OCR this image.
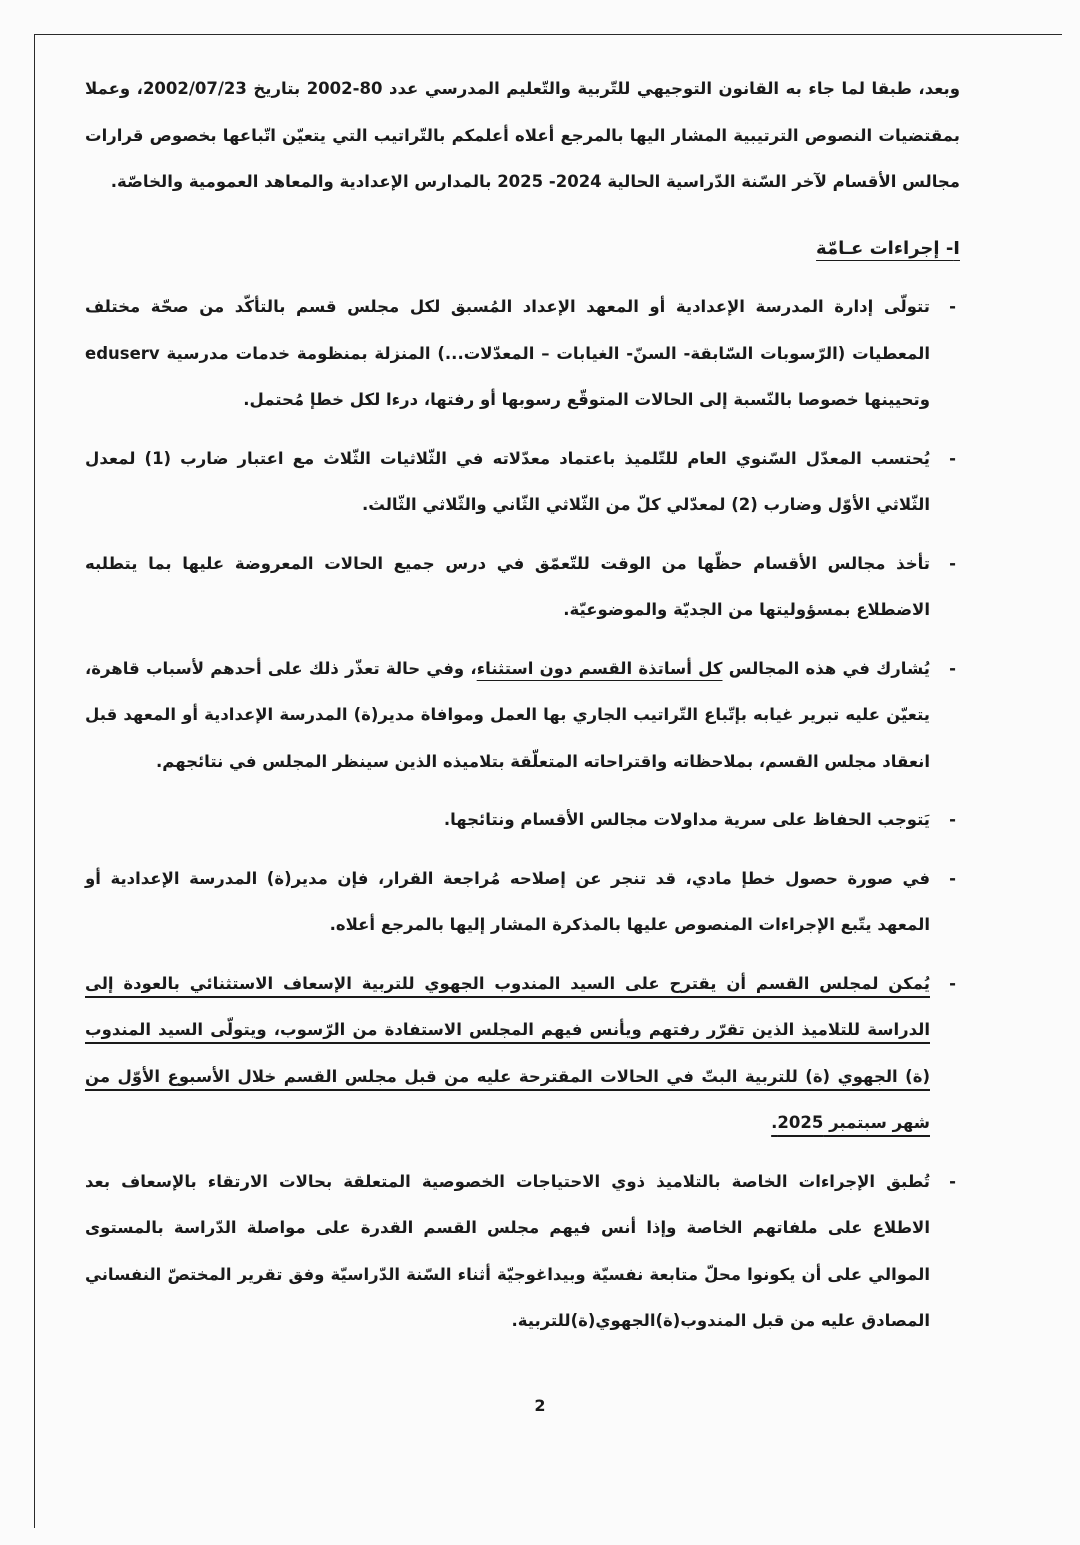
وبعد، طبقا لما جاء به القانون التوجيهي للتّربية والتّعليم المدرسي عدد 80-2002 بتاريخ 2002/07/23، وعملا بمقتضيات النصوص الترتيبية المشار اليها بالمرجع أعلاه أعلمكم بالتّراتيب التي يتعيّن اتّباعها بخصوص قرارات مجالس الأقسام لآخر السّنة الدّراسية الحالية 2024- 2025 بالمدارس الإعدادية والمعاهد العمومية والخاصّة.

I- إجراءات عـامّة

-
تتولّى إدارة المدرسة الإعدادية أو المعهد الإعداد المُسبق لكل مجلس قسم بالتأكّد من صحّة مختلف المعطيات (الرّسوبات السّابقة- السنّ- الغيابات – المعدّلات...) المنزلة بمنظومة خدمات مدرسية eduserv وتحيينها خصوصا بالنّسبة إلى الحالات المتوقّع رسوبها أو رفتها، درءا لكل خطإ مُحتمل.
-
يُحتسب المعدّل السّنوي العام للتّلميذ باعتماد معدّلاته في الثّلاثيات الثّلاث مع اعتبار ضارب (1) لمعدل الثّلاثي الأوّل وضارب (2) لمعدّلي كلّ من الثّلاثي الثّاني والثّلاثي الثّالث.
-
تأخذ مجالس الأقسام حظّها من الوقت للتّعمّق في درس جميع الحالات المعروضة عليها بما يتطلبه الاضطلاع بمسؤوليتها من الجديّة والموضوعيّة.
-
يُشارك في هذه المجالس كل أساتذة القسم دون استثناء، وفي حالة تعذّر ذلك على أحدهم لأسباب قاهرة، يتعيّن عليه تبرير غيابه بإتّباع التّراتيب الجاري بها العمل وموافاة مدير(ة) المدرسة الإعدادية أو المعهد قبل انعقاد مجلس القسم، بملاحظاته واقتراحاته المتعلّقة بتلاميذه الذين سينظر المجلس في نتائجهم.
-
يَتوجب الحفاظ على سرية مداولات مجالس الأقسام ونتائجها.
-
في صورة حصول خطإ مادي، قد تنجر عن إصلاحه مُراجعة القرار، فإن مدير(ة) المدرسة الإعدادية أو المعهد يتّبع الإجراءات المنصوص عليها بالمذكرة المشار إليها بالمرجع أعلاه.
-
يُمكن لمجلس القسم أن يقترح على السيد المندوب الجهوي للتربية الإسعاف الاستثنائي بالعودة إلى الدراسة للتلاميذ الذين تقرّر رفتهم ويأنس فيهم المجلس الاستفادة من الرّسوب، ويتولّى السيد المندوب (ة) الجهوي (ة) للتربية البتّ في الحالات المقترحة عليه من قبل مجلس القسم خلال الأسبوع الأوّل من شهر سبتمبر 2025.
-
تُطبق الإجراءات الخاصة بالتلاميذ ذوي الاحتياجات الخصوصية المتعلقة بحالات الارتقاء بالإسعاف بعد الاطلاع على ملفاتهم الخاصة وإذا أنس فيهم مجلس القسم القدرة على مواصلة الدّراسة بالمستوى الموالي على أن يكونوا محلّ متابعة نفسيّة وبيداغوجيّة أثناء السّنة الدّراسيّة وفق تقرير المختصّ النفساني المصادق عليه من قبل المندوب(ة)الجهوي(ة)للتربية.
2
